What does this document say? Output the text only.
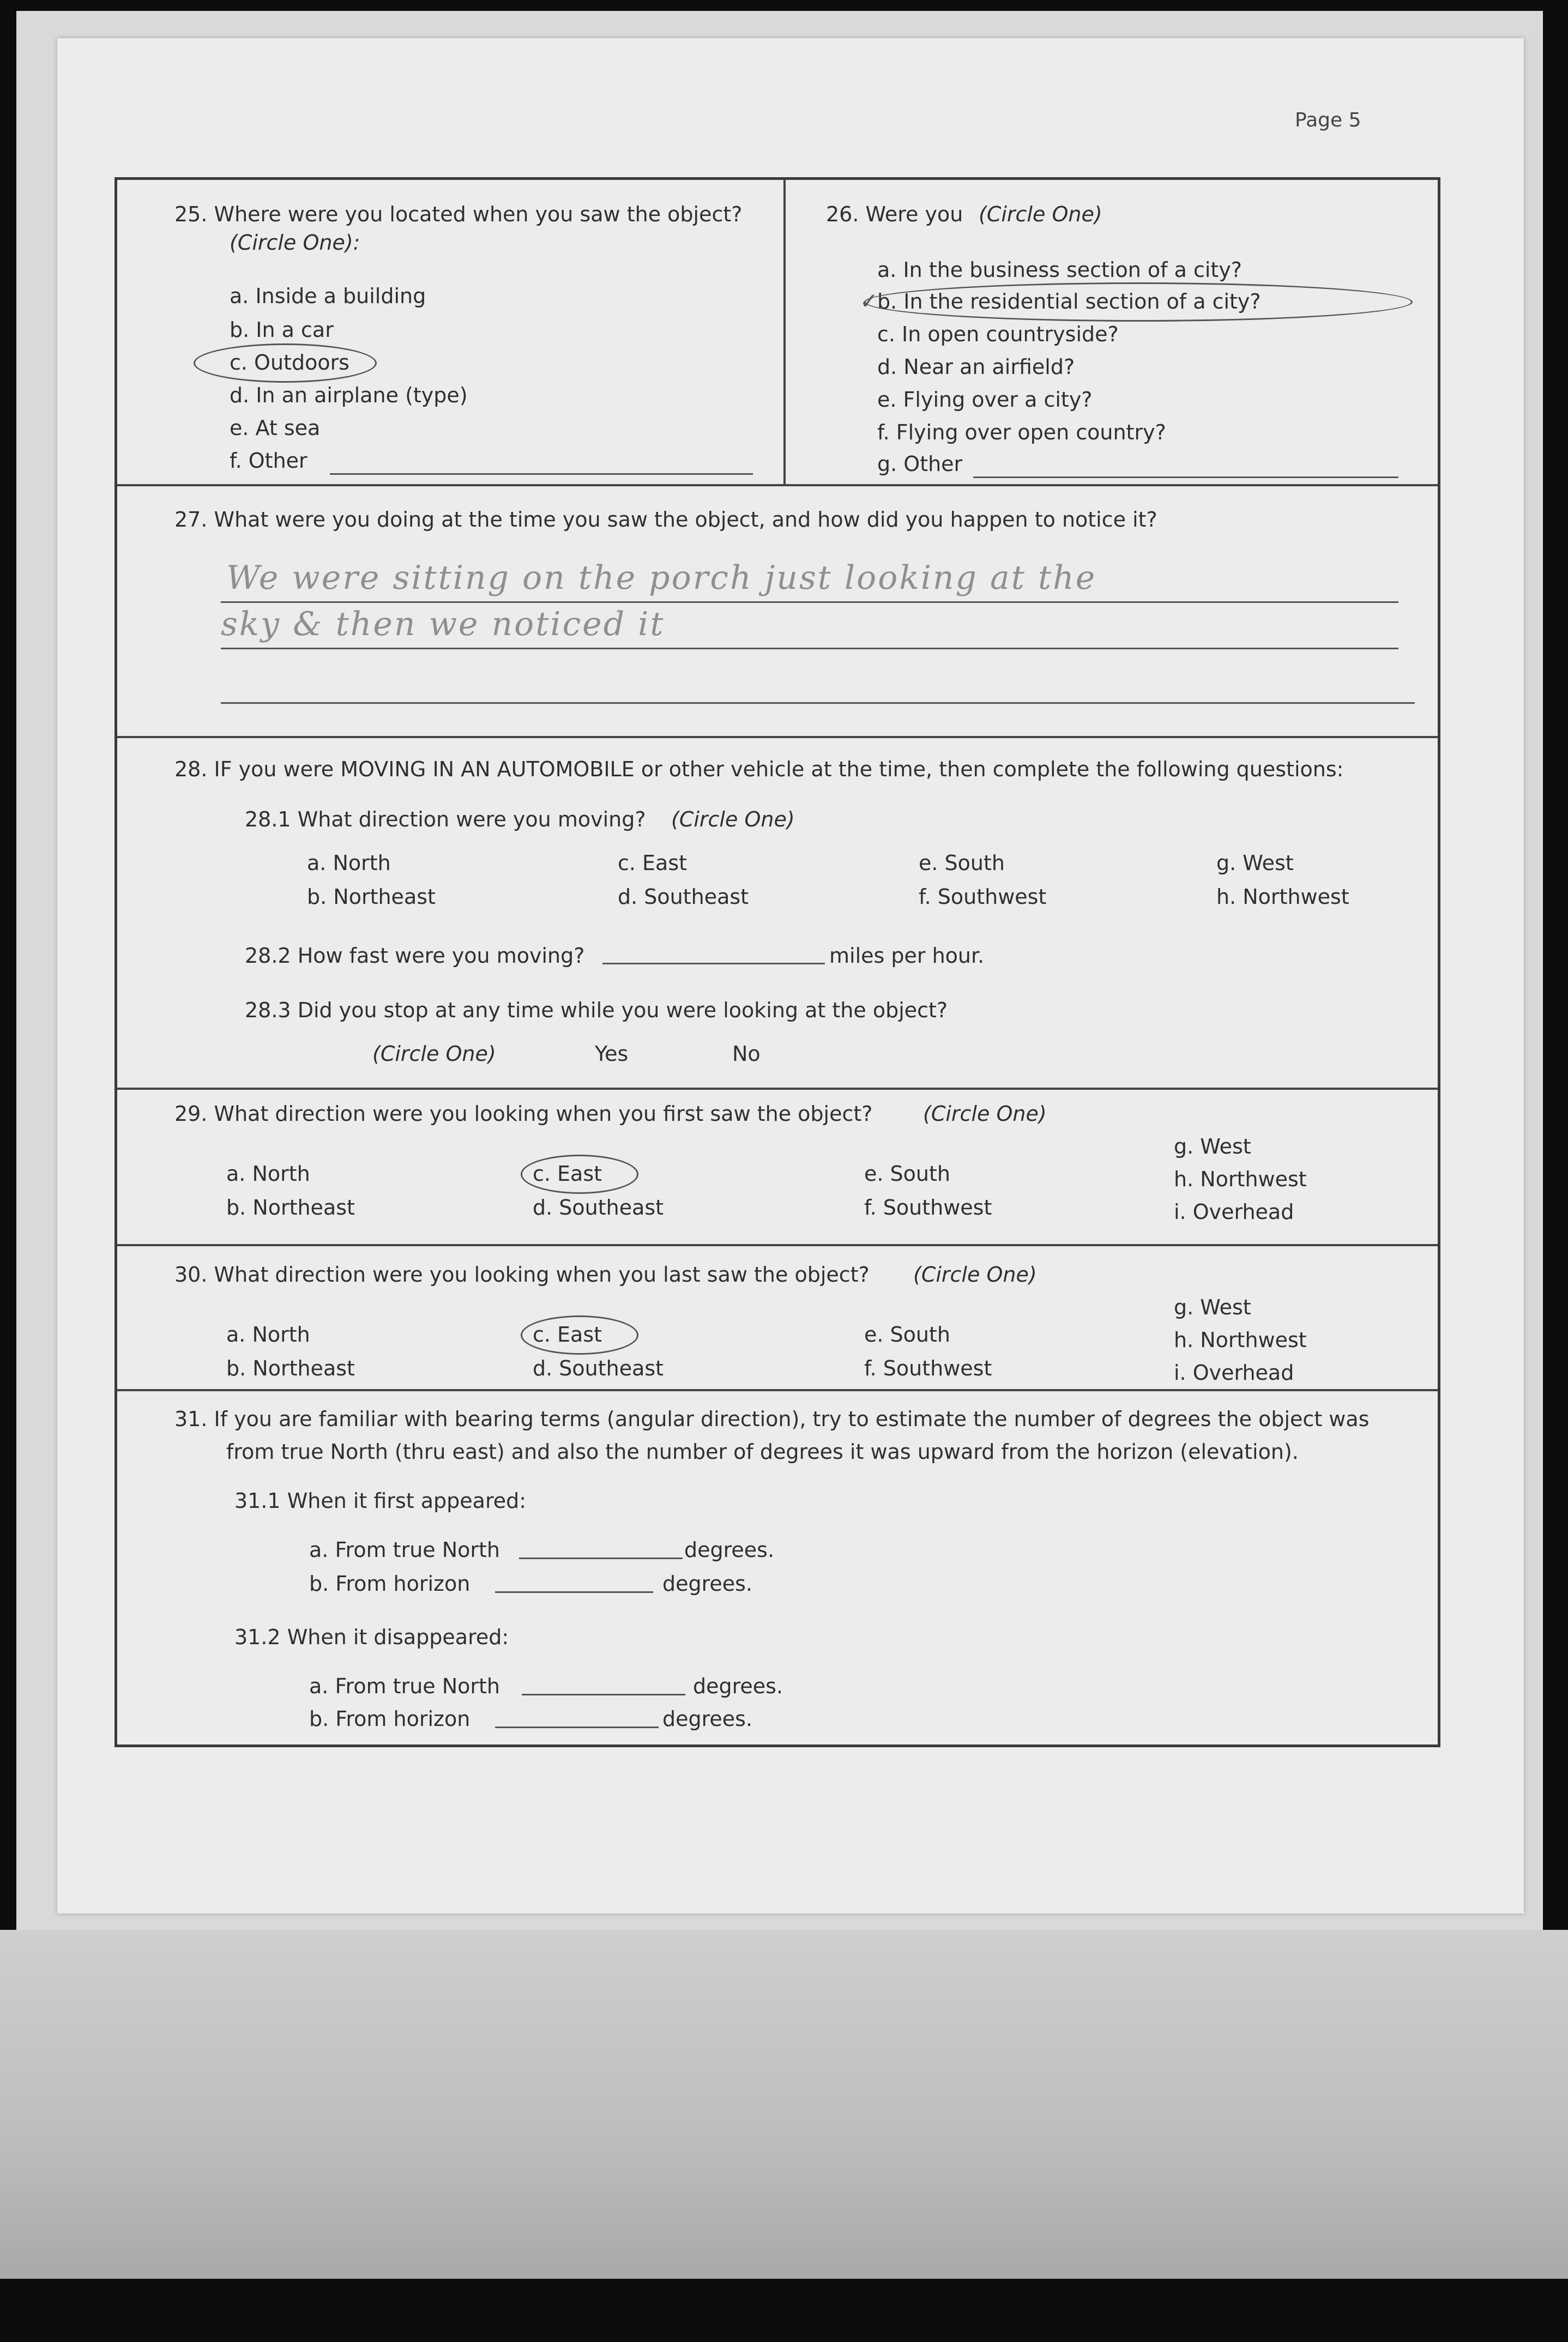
Page 5
25. Where were you located when you saw the object?
(Circle One):
a. Inside a building
b. In a car
c. Outdoors
d. In an airplane (type)
e. At sea
f. Other
26. Were you (Circle One)
a. In the business section of a city?
b. In the residential section of a city?
✓
c. In open countryside?
d. Near an airfield?
e. Flying over a city?
f. Flying over open country?
g. Other
27. What were you doing at the time you saw the object, and how did you happen to notice it?
We were sitting on the porch just looking at the
sky & then we noticed it
28. IF you were MOVING IN AN AUTOMOBILE or other vehicle at the time, then complete the following questions:
28.1 What direction were you moving? (Circle One)
a. North	c. East	e. South	g. West
b. Northeast	d. Southeast	f. Southwest	h. Northwest
28.2 How fast were you moving?	miles per hour.
28.3 Did you stop at any time while you were looking at the object?
(Circle One)	Yes	No
29. What direction were you looking when you first saw the object? (Circle One)
g. West
a. North	c. East	e. South	h. Northwest
b. Northeast	d. Southeast	f. Southwest	i. Overhead
30. What direction were you looking when you last saw the object? (Circle One)
g. West
a. North	c. East	e. South	h. Northwest
b. Northeast	d. Southeast	f. Southwest	i. Overhead
31. If you are familiar with bearing terms (angular direction), try to estimate the number of degrees the object was
from true North (thru east) and also the number of degrees it was upward from the horizon (elevation).
31.1 When it first appeared:
a. From true North	degrees.
b. From horizon	degrees.
31.2 When it disappeared:
a. From true North	degrees.
b. From horizon	degrees.
